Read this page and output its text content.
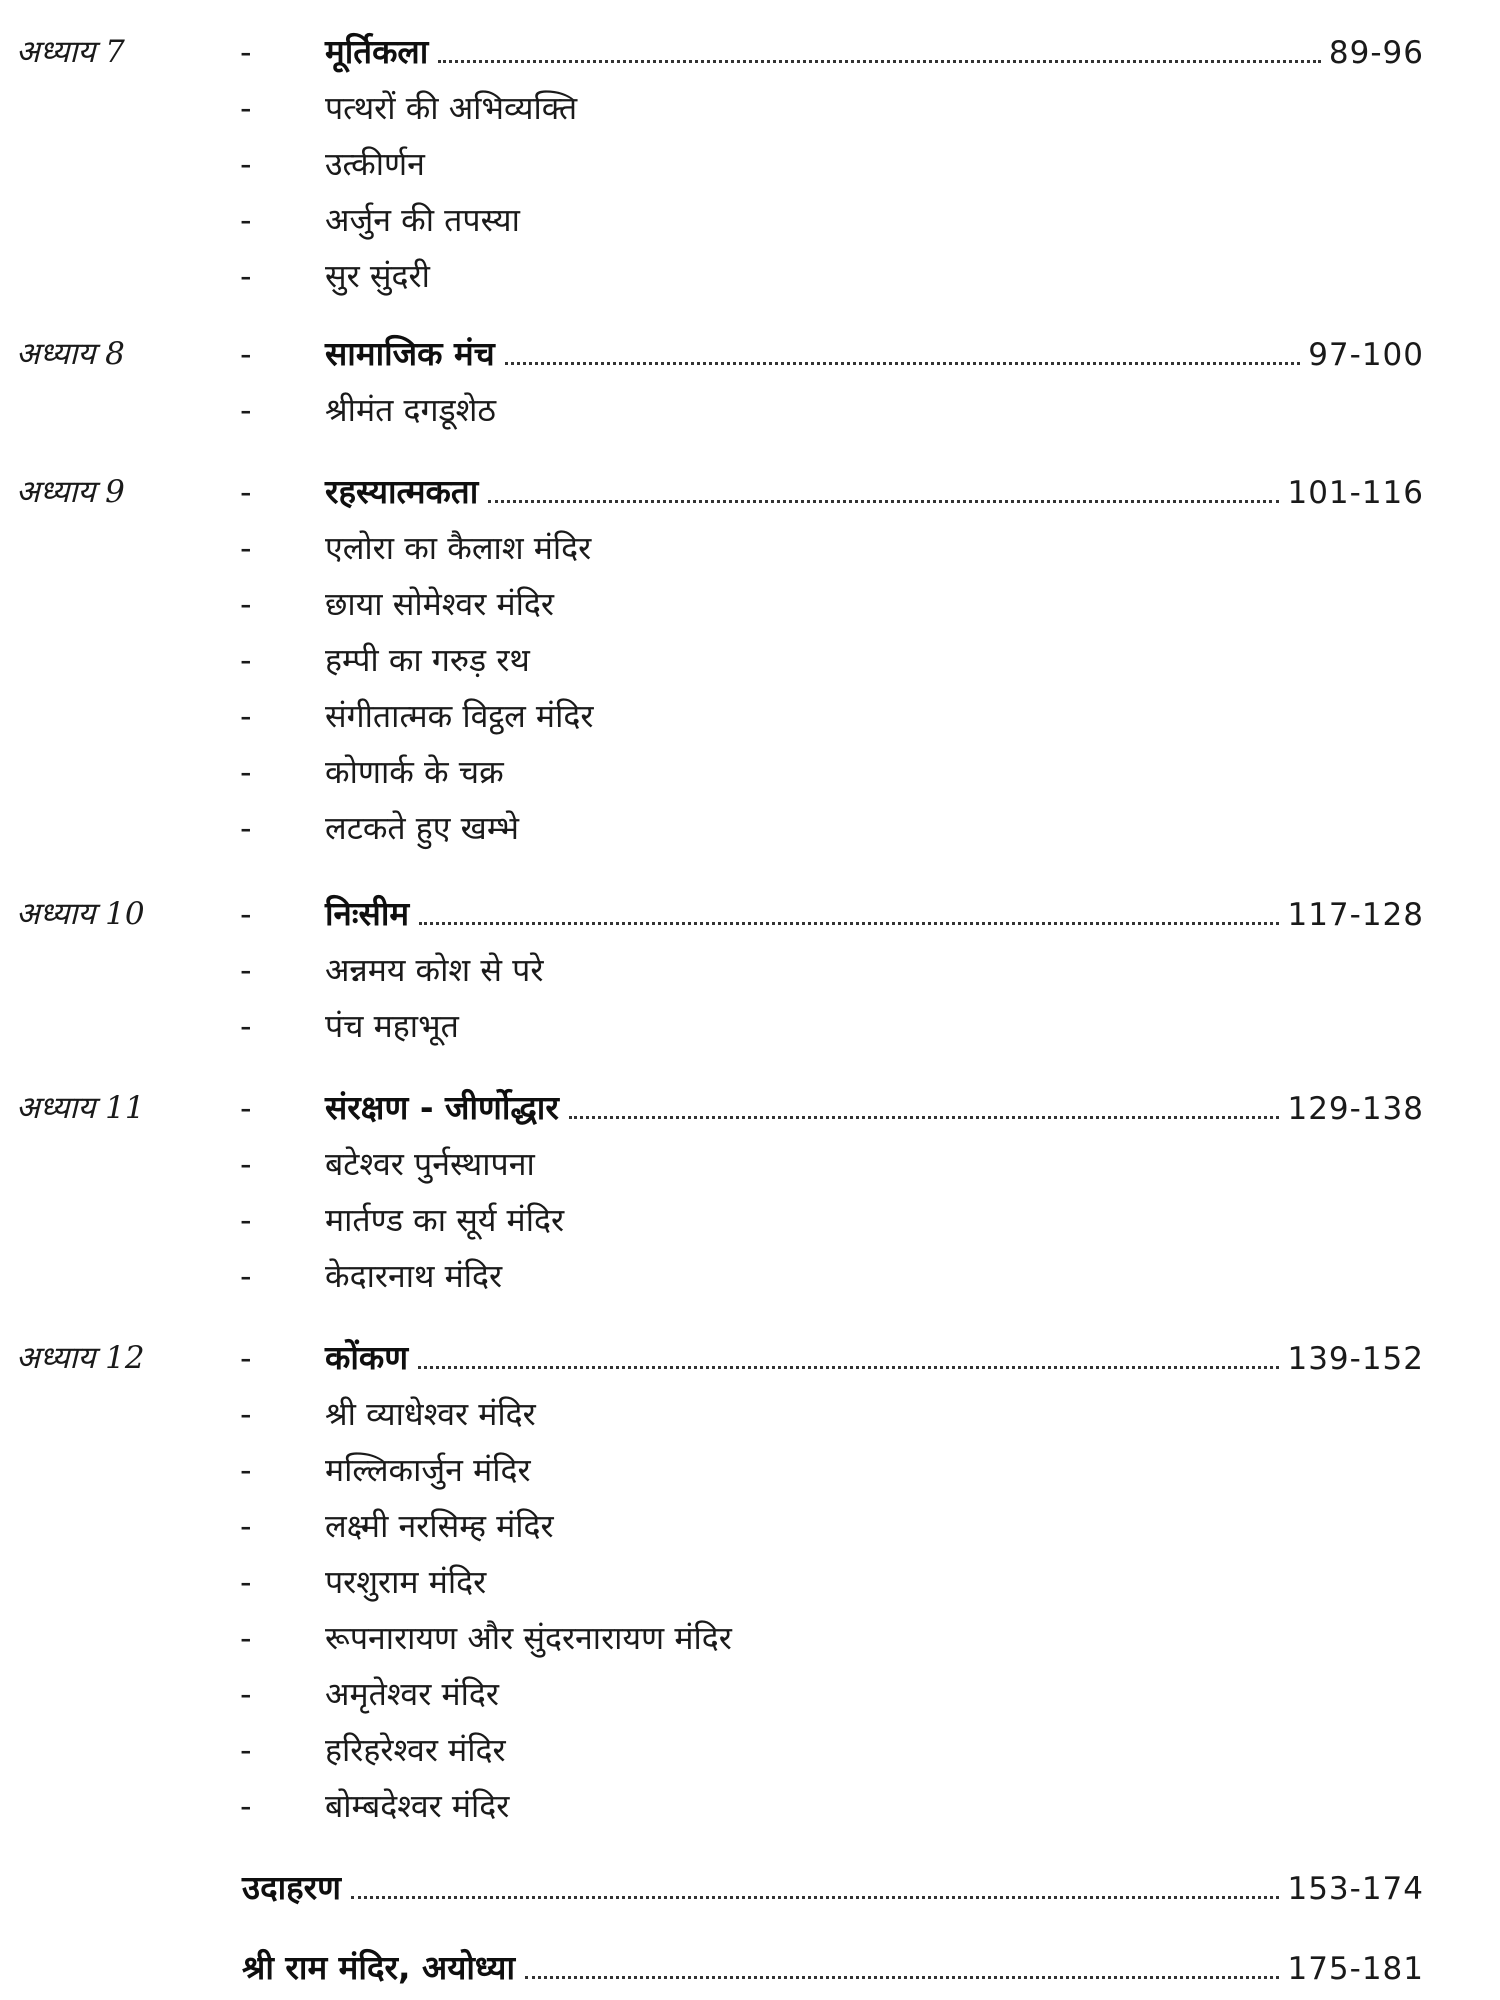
अध्याय 7	- मूर्तिकला	89-96
- पत्थरों की अभिव्यक्ति
- उत्कीर्णन
- अर्जुन की तपस्या
- सुर सुंदरी
अध्याय 8	- सामाजिक मंच	97-100
- श्रीमंत दगडूशेठ
अध्याय 9	- रहस्यात्मकता	101-116
- एलोरा का कैलाश मंदिर
- छाया सोमेश्वर मंदिर
- हम्पी का गरुड़ रथ
- संगीतात्मक विट्ठल मंदिर
- कोणार्क के चक्र
- लटकते हुए खम्भे
अध्याय 10	- निःसीम	117-128
- अन्नमय कोश से परे
- पंच महाभूत
अध्याय 11	- संरक्षण - जीर्णोद्धार	129-138
- बटेश्वर पुर्नस्थापना
- मार्तण्ड का सूर्य मंदिर
- केदारनाथ मंदिर
अध्याय 12	- कोंकण	139-152
- श्री व्याधेश्वर मंदिर
- मल्लिकार्जुन मंदिर
- लक्ष्मी नरसिम्ह मंदिर
- परशुराम मंदिर
- रूपनारायण और सुंदरनारायण मंदिर
- अमृतेश्वर मंदिर
- हरिहरेश्वर मंदिर
- बोम्बदेश्वर मंदिर
उदाहरण	153-174
श्री राम मंदिर, अयोध्या	175-181
